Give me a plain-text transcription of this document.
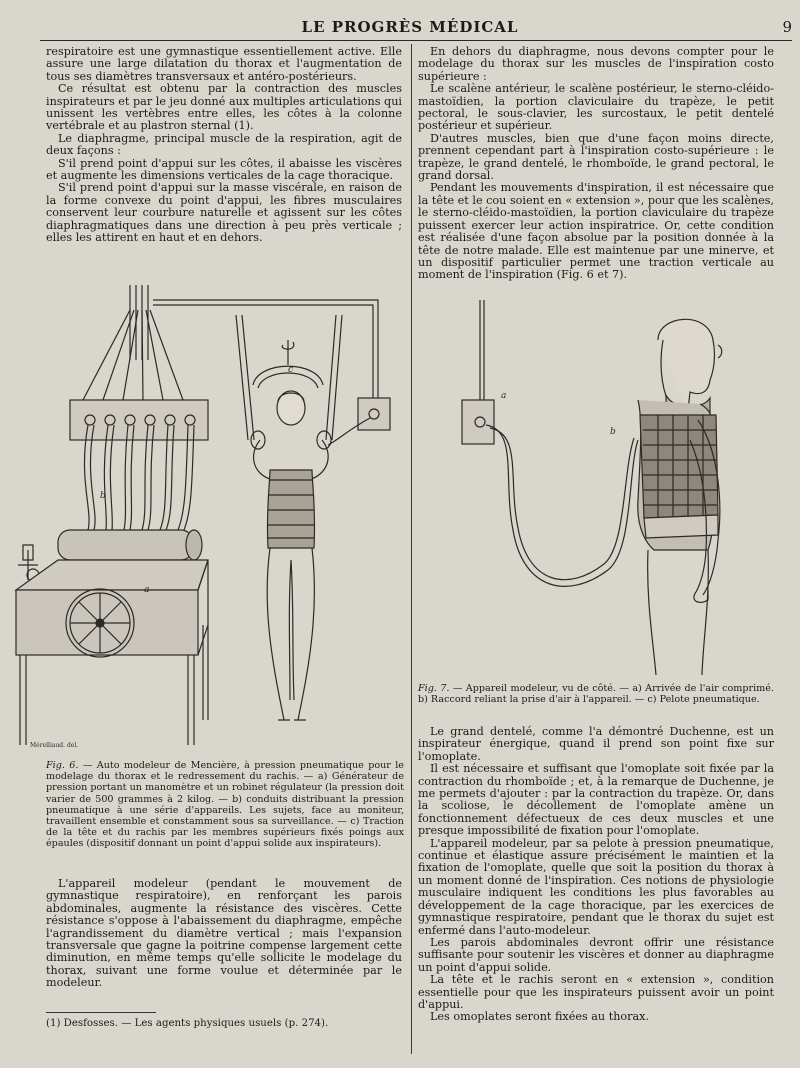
LE PROGRÈS MÉDICAL	9

respiratoire est une gymnastique essentiellement active. Elle assure une large dilatation du thorax et l'augmentation de tous ses diamètres transversaux et antéro-postérieurs.

Ce résultat est obtenu par la contraction des muscles inspirateurs et par le jeu donné aux multiples articulations qui unissent les vertèbres entre elles, les côtes à la colonne vertébrale et au plastron sternal (1).

Le diaphragme, principal muscle de la respiration, agit de deux façons :

S'il prend point d'appui sur les côtes, il abaisse les viscères et augmente les dimensions verticales de la cage thoracique.

S'il prend point d'appui sur la masse viscérale, en raison de la forme convexe du point d'appui, les fibres musculaires conservent leur courbure naturelle et agissent sur les côtes diaphragmatiques dans une direction à peu près verticale ; elles les attirent en haut et en dehors.

a
b
c
Mérelliaud. del.
Fig. 6. — Auto modeleur de Mencière, à pression pneumatique pour le modelage du thorax et le redressement du rachis. — a) Générateur de pression portant un manomètre et un robinet régulateur (la pression doit varier de 500 grammes à 2 kilog. — b) conduits distribuant la pression pneumatique à une série d'appareils. Les sujets, face au moniteur, travaillent ensemble et constamment sous sa surveillance. — c) Traction de la tête et du rachis par les membres supérieurs fixés poings aux épaules (dispositif donnant un point d'appui solide aux inspirateurs).

L'appareil modeleur (pendant le mouvement de gymnastique respiratoire), en renforçant les parois abdominales, augmente la résistance des viscères. Cette résistance s'oppose à l'abaissement du diaphragme, empêche l'agrandissement du diamètre vertical ; mais l'expansion transversale que gagne la poitrine compense largement cette diminution, en même temps qu'elle sollicite le modelage du thorax, suivant une forme voulue et déterminée par le modeleur.

(1) Desfosses. — Les agents physiques usuels (p. 274).

En dehors du diaphragme, nous devons compter pour le modelage du thorax sur les muscles de l'inspiration costo supérieure :

Le scalène antérieur, le scalène postérieur, le sterno-cléido-mastoïdien, la portion claviculaire du trapèze, le petit pectoral, le sous-clavier, les surcostaux, le petit dentelé postérieur et supérieur.

D'autres muscles, bien que d'une façon moins directe, prennent cependant part à l'inspiration costo-supérieure : le trapèze, le grand dentelé, le rhomboïde, le grand pectoral, le grand dorsal.

Pendant les mouvements d'inspiration, il est nécessaire que la tête et le cou soient en « extension », pour que les scalènes, le sterno-cléido-mastoïdien, la portion claviculaire du trapèze puissent exercer leur action inspiratrice. Or, cette condition est réalisée d'une façon absolue par la position donnée à la tête de notre malade. Elle est maintenue par une minerve, et un dispositif particulier permet une traction verticale au moment de l'inspiration (Fig. 6 et 7).

a
b
Fig. 7. — Appareil modeleur, vu de côté. — a) Arrivée de l'air comprimé. b) Raccord reliant la prise d'air à l'appareil. — c) Pelote pneumatique.

Le grand dentelé, comme l'a démontré Duchenne, est un inspirateur énergique, quand il prend son point fixe sur l'omoplate.

Il est nécessaire et suffisant que l'omoplate soit fixée par la contraction du rhomboïde ; et, à la remarque de Duchenne, je me permets d'ajouter : par la contraction du trapèze. Or, dans la scoliose, le décollement de l'omoplate amène un fonctionnement défectueux de ces deux muscles et une presque impossibilité de fixation pour l'omoplate.

L'appareil modeleur, par sa pelote à pression pneumatique, continue et élastique assure précisément le maintien et la fixation de l'omoplate, quelle que soit la position du thorax à un moment donné de l'inspiration. Ces notions de physiologie musculaire indiquent les conditions les plus favorables au développement de la cage thoracique, par les exercices de gymnastique respiratoire, pendant que le thorax du sujet est enfermé dans l'auto-modeleur.

Les parois abdominales devront offrir une résistance suffisante pour soutenir les viscères et donner au diaphragme un point d'appui solide.

La tête et le rachis seront en « extension », condition essentielle pour que les inspirateurs puissent avoir un point d'appui.

Les omoplates seront fixées au thorax.
